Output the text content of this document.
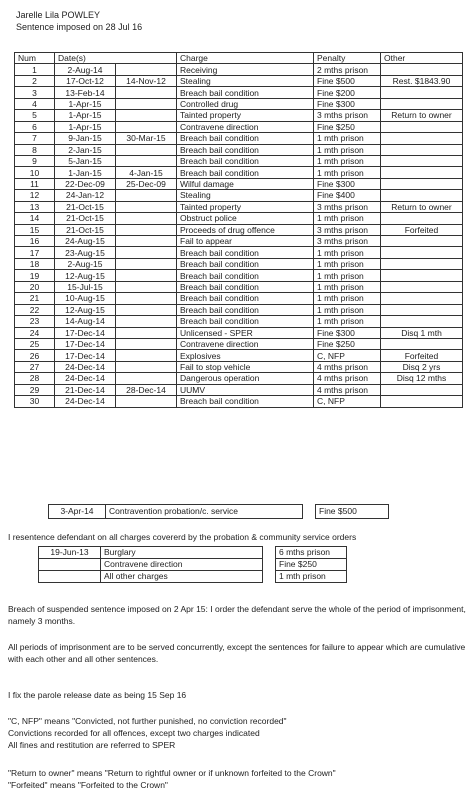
Jarelle Lila POWLEY
Sentence imposed on 28 Jul 16
Num	Date(s)		Charge	Penalty	Other
1	2-Aug-14		Receiving	2 mths prison	
2	17-Oct-12	14-Nov-12	Stealing	Fine $500	Rest. $1843.90
3	13-Feb-14		Breach bail condition	Fine $200	
4	1-Apr-15		Controlled drug	Fine $300	
5	1-Apr-15		Tainted property	3 mths prison	Return to owner
6	1-Apr-15		Contravene direction	Fine $250	
7	9-Jan-15	30-Mar-15	Breach bail condition	1 mth prison	
8	2-Jan-15		Breach bail condition	1 mth prison	
9	5-Jan-15		Breach bail condition	1 mth prison	
10	1-Jan-15	4-Jan-15	Breach bail condition	1 mth prison	
11	22-Dec-09	25-Dec-09	Wilful damage	Fine $300	
12	24-Jan-12		Stealing	Fine $400	
13	21-Oct-15		Tainted property	3 mths prison	Return to owner
14	21-Oct-15		Obstruct police	1 mth prison	
15	21-Oct-15		Proceeds of drug offence	3 mths prison	Forfeited
16	24-Aug-15		Fail to appear	3 mths prison	
17	23-Aug-15		Breach bail condition	1 mth prison	
18	2-Aug-15		Breach bail condition	1 mth prison	
19	12-Aug-15		Breach bail condition	1 mth prison	
20	15-Jul-15		Breach bail condition	1 mth prison	
21	10-Aug-15		Breach bail condition	1 mth prison	
22	12-Aug-15		Breach bail condition	1 mth prison	
23	14-Aug-14		Breach bail condition	1 mth prison	
24	17-Dec-14		Unlicensed - SPER	Fine $300	Disq 1 mth
25	17-Dec-14		Contravene direction	Fine $250	
26	17-Dec-14		Explosives	C, NFP	Forfeited
27	24-Dec-14		Fail to stop vehicle	4 mths prison	Disq 2 yrs
28	24-Dec-14		Dangerous operation	4 mths prison	Disq 12 mths
29	21-Dec-14	28-Dec-14	UUMV	4 mths prison	
30	24-Dec-14		Breach bail condition	C, NFP	
3-Apr-14	Contravention probation/c. service		Fine $500
I resentence defendant on all charges covererd by the probation & community service orders
19-Jun-13	Burglary		6 mths prison
	Contravene direction		Fine $250
	All other charges		1 mth prison
Breach of suspended sentence imposed on 2 Apr 15: I order the defendant serve the whole of the period of imprisonment, namely 3 months.
All periods of imprisonment are to be served concurrently, except the sentences for failure to appear which are cumulative with each other and all other sentences.
I fix the parole release date as being 15 Sep 16
"C, NFP" means "Convicted, not further punished, no conviction recorded"
Convictions recorded for all offences, except two charges indicated
All fines and restitution are referred to SPER
"Return to owner" means "Return to rightful owner or if unknown forfeited to the Crown"
"Forfeited" means "Forfeited to the Crown"
